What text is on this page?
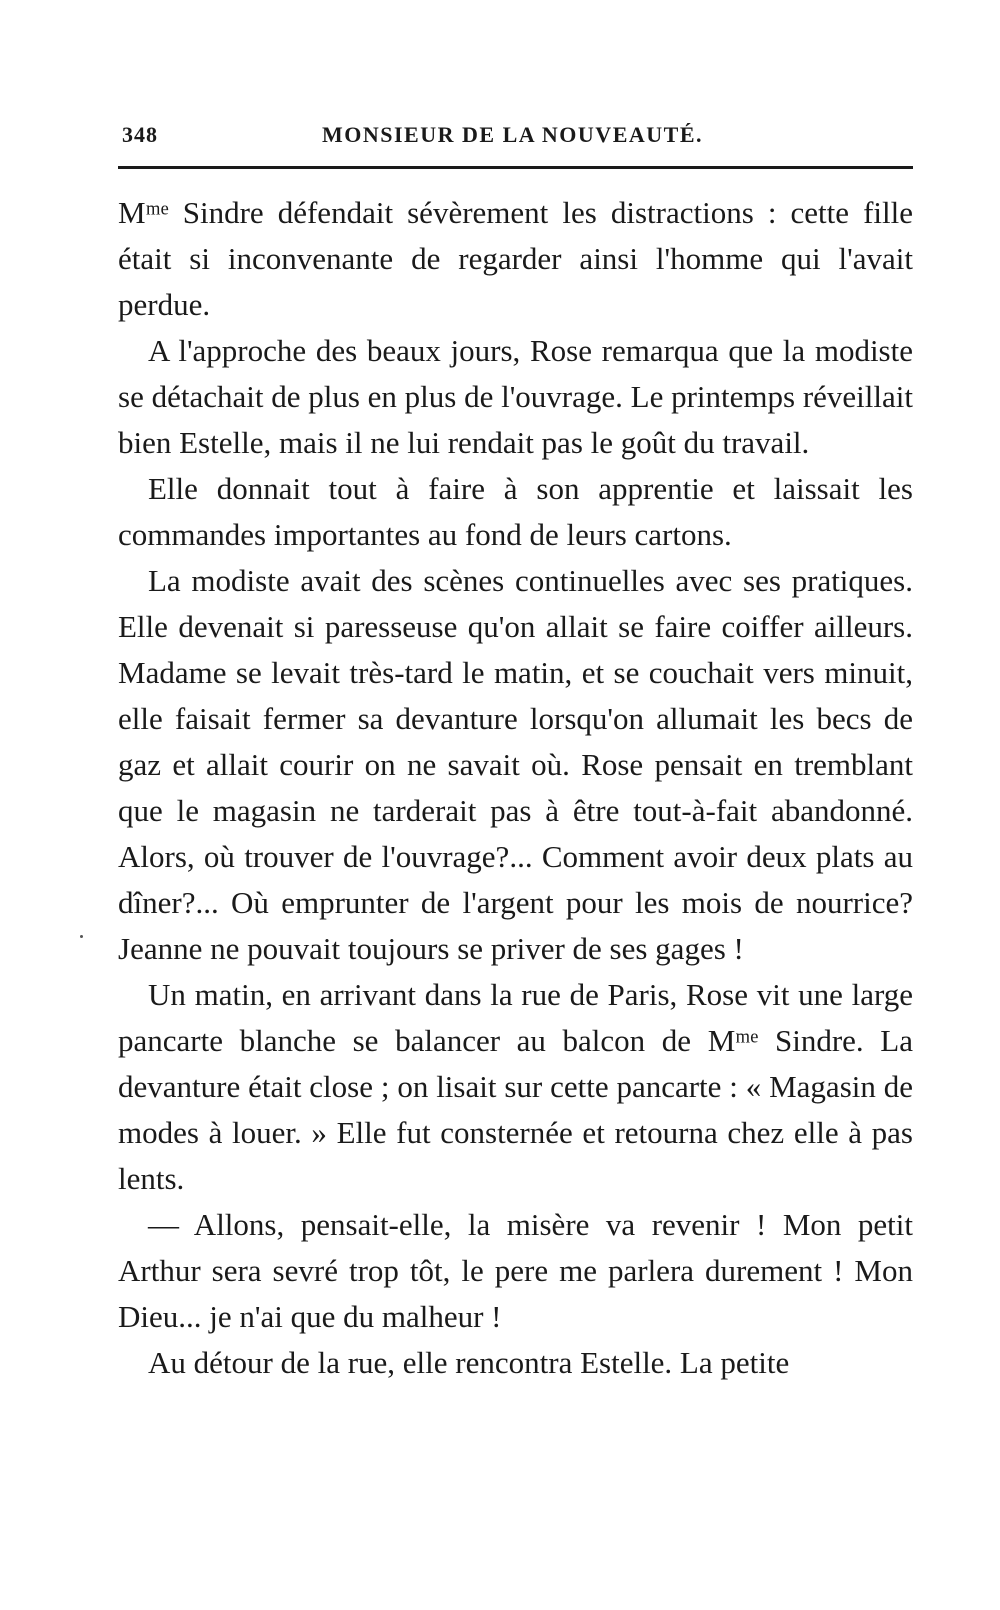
348	MONSIEUR DE LA NOUVEAUTÉ.

Mᵐᵉ Sindre défendait sévèrement les distractions : cette fille était si inconvenante de regarder ainsi l'homme qui l'avait perdue.

A l'approche des beaux jours, Rose remarqua que la modiste se détachait de plus en plus de l'ouvrage. Le printemps réveillait bien Estelle, mais il ne lui rendait pas le goût du travail.

Elle donnait tout à faire à son apprentie et laissait les commandes importantes au fond de leurs cartons.

La modiste avait des scènes continuelles avec ses pratiques. Elle devenait si paresseuse qu'on allait se faire coiffer ailleurs. Madame se levait très-tard le matin, et se couchait vers minuit, elle faisait fermer sa devanture lorsqu'on allumait les becs de gaz et allait courir on ne savait où. Rose pensait en tremblant que le magasin ne tarderait pas à être tout-à-fait abandonné. Alors, où trouver de l'ouvrage?... Comment avoir deux plats au dîner?... Où emprunter de l'argent pour les mois de nourrice? Jeanne ne pouvait toujours se priver de ses gages !

Un matin, en arrivant dans la rue de Paris, Rose vit une large pancarte blanche se balancer au balcon de Mᵐᵉ Sindre. La devanture était close ; on lisait sur cette pancarte : « Magasin de modes à louer. » Elle fut consternée et retourna chez elle à pas lents.

— Allons, pensait-elle, la misère va revenir ! Mon petit Arthur sera sevré trop tôt, le pere me parlera durement ! Mon Dieu... je n'ai que du malheur !

Au détour de la rue, elle rencontra Estelle. La petite
